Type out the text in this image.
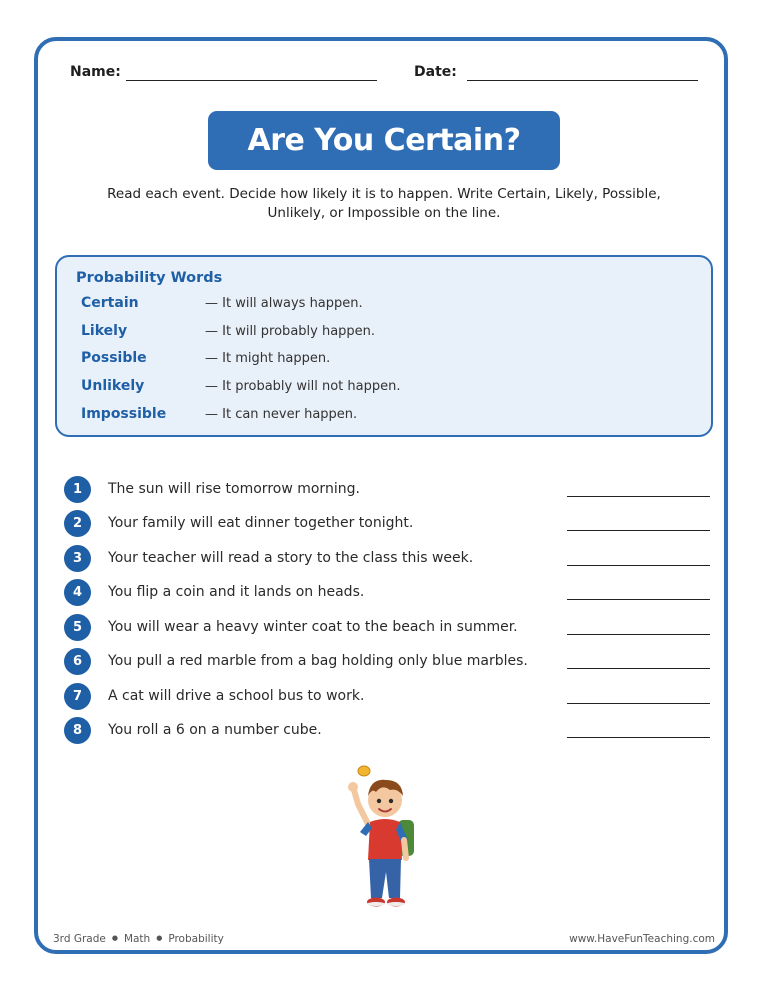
Name:	Date:
Are You Certain?
Read each event. Decide how likely it is to happen. Write Certain, Likely, Possible, Unlikely, or Impossible on the line.
Probability Words
Certain	— It will always happen.
Likely	— It will probably happen.
Possible	— It might happen.
Unlikely	— It probably will not happen.
Impossible	— It can never happen.
1	The sun will rise tomorrow morning.
2	Your family will eat dinner together tonight.
3	Your teacher will read a story to the class this week.
4	You flip a coin and it lands on heads.
5	You will wear a heavy winter coat to the beach in summer.
6	You pull a red marble from a bag holding only blue marbles.
7	A cat will drive a school bus to work.
8	You roll a 6 on a number cube.
3rd Grade ● Math ● Probability	www.HaveFunTeaching.com
